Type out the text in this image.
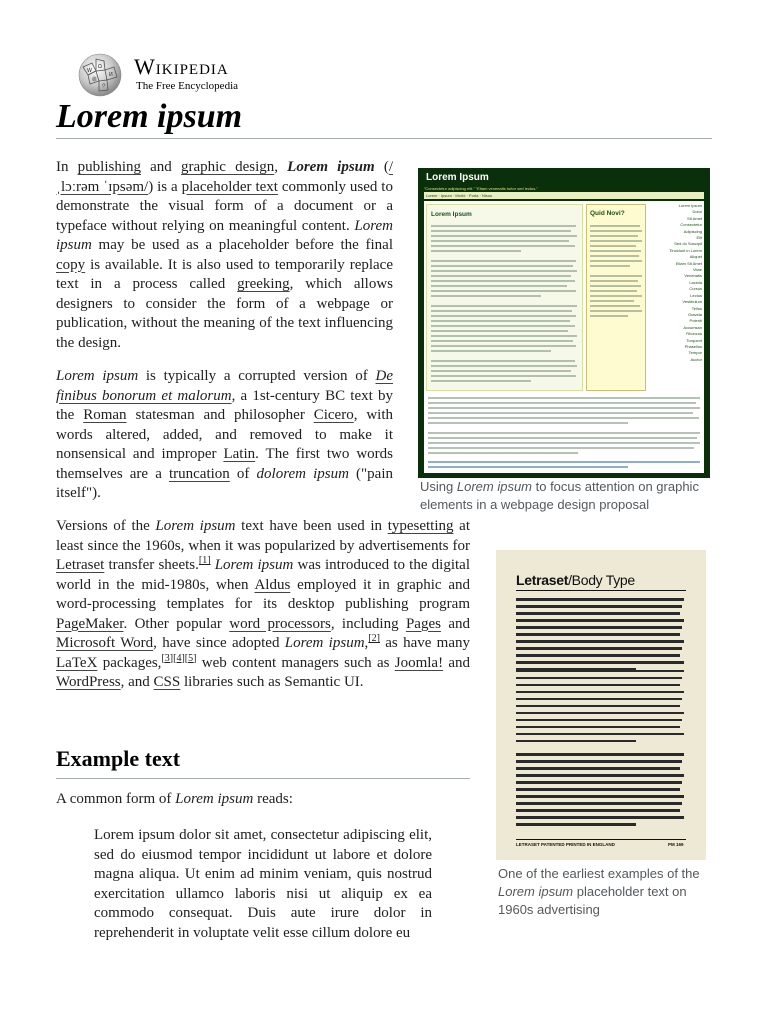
W
Ω
И
維
ウ
Wikipedia
The Free Encyclopedia
Lorem ipsum

In publishing and graphic design, Lorem ipsum (/ˌlɔːrəm ˈɪpsəm/) is a placeholder text commonly used to demonstrate the visual form of a document or a typeface without relying on meaningful content. Lorem ipsum may be used as a placeholder before the final copy is available. It is also used to temporarily replace text in a process called greeking, which allows designers to consider the form of a webpage or publication, without the meaning of the text influencing the design.

Lorem ipsum is typically a corrupted version of De finibus bonorum et malorum, a 1st-century BC text by the Roman statesman and philosopher Cicero, with words altered, added, and removed to make it nonsensical and improper Latin. The first two words themselves are a truncation of dolorem ipsum ("pain itself").

Versions of the Lorem ipsum text have been used in typesetting at least since the 1960s, when it was popularized by advertisements for Letraset transfer sheets.[1] Lorem ipsum was introduced to the digital world in the mid-1980s, when Aldus employed it in graphic and word-processing templates for its desktop publishing program PageMaker. Other popular word processors, including Pages and Microsoft Word, have since adopted Lorem ipsum,[2] as have many LaTeX packages,[3][4][5] web content managers such as Joomla! and WordPress, and CSS libraries such as Semantic UI.

Example text

A common form of Lorem ipsum reads:

Lorem ipsum dolor sit amet, consectetur adipiscing elit, sed do eiusmod tempor incididunt ut labore et dolore magna aliqua. Ut enim ad minim veniam, quis nostrud exercitation ullamco laboris nisi ut aliquip ex ea commodo consequat. Duis aute irure dolor in reprehenderit in voluptate velit esse cillum dolore eu

Lorem Ipsum
"Consectetur adipiscing elit." "Etiam venenatis tortor sed lectus."
Lorem · Ipsum · Morbi · Porta · Nisus
Lorem Ipsum	Quid Novi?
Lorem Ipsum
Dolor
Sit Amet
Consectetur
Adipiscing
Elit
Sed do Suscipit
Tincidunt in Lorem
Aliquet
Etiam Sit Amet
Vitae
Venenatis
Lacinia
Cursus
Lectus
Vestibulum
Tellus
Gravida
Potenti
Accumsan
Rhoncus
Torquent
Phasellus
Tempor
Auctor

Using Lorem ipsum to focus attention on graphic elements in a webpage design proposal

Letraset/Body Type
LETRASET PATENTED PRINTED IN ENGLAND	PM 169

One of the earliest examples of the Lorem ipsum placeholder text on 1960s advertising
